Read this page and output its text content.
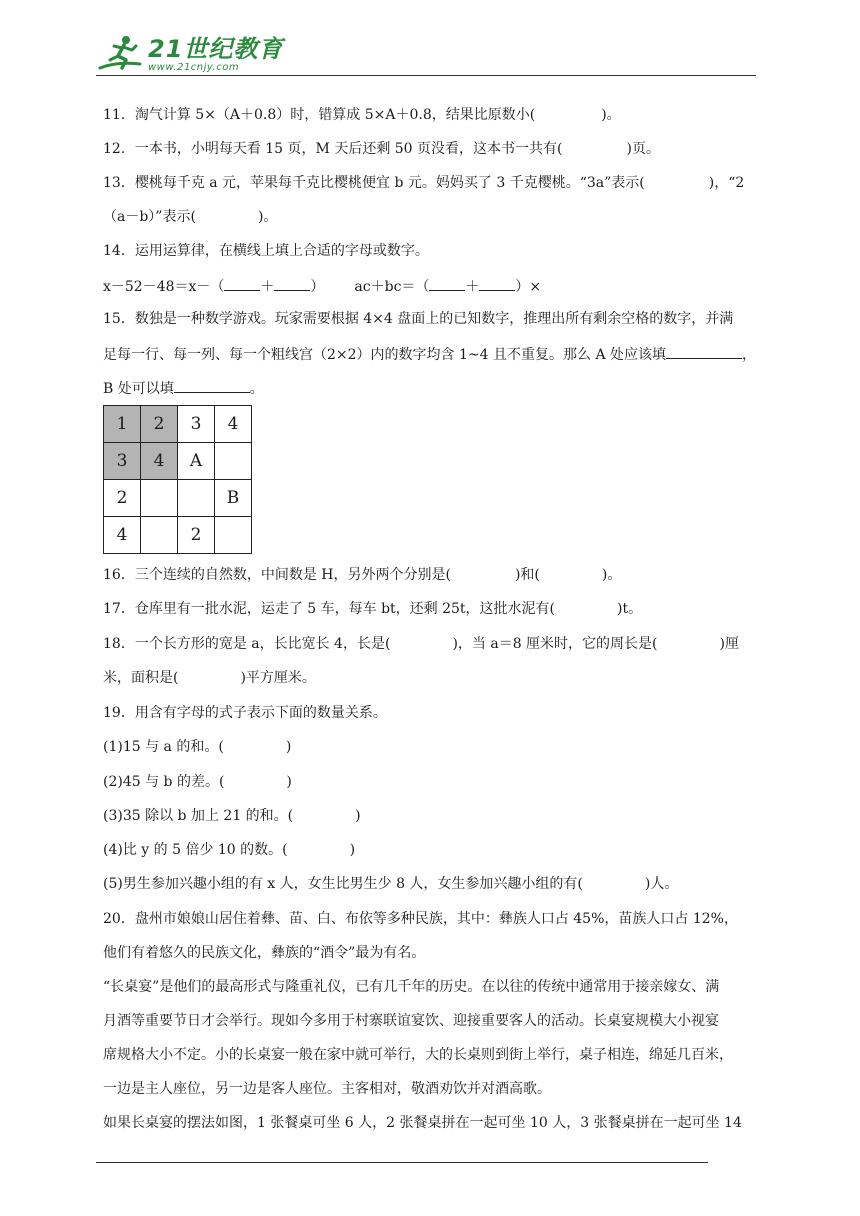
21世纪教育
www.21cnjy.com
11．淘气计算 5×（A＋0.8）时，错算成 5×A＋0.8，结果比原数小(	)。
12．一本书，小明每天看 15 页，M 天后还剩 50 页没看，这本书一共有(	)页。
13．樱桃每千克 a 元，苹果每千克比樱桃便宜 b 元。妈妈买了 3 千克樱桃。“3a”表示(	)，“2
（a－b）”表示(	)。
14．运用运算律，在横线上填上合适的字母或数字。
x－52－48＝x－（	＋	） ac＋bc＝（	＋	）×
15．数独是一种数学游戏。玩家需要根据 4×4 盘面上的已知数字，推理出所有剩余空格的数字，并满
足每一行、每一列、每一个粗线宫（2×2）内的数字均含 1~4 且不重复。那么 A 处应该填	，
B 处可以填	。
16．三个连续的自然数，中间数是 H，另外两个分别是(	)和(	)。
17．仓库里有一批水泥，运走了 5 车，每车 bt，还剩 25t，这批水泥有(	)t。
18．一个长方形的宽是 a，长比宽长 4，长是(	)，当 a＝8 厘米时，它的周长是(	)厘
米，面积是(	)平方厘米。
19．用含有字母的式子表示下面的数量关系。
(1)15 与 a 的和。(	)
(2)45 与 b 的差。(	)
(3)35 除以 b 加上 21 的和。(	)
(4)比 y 的 5 倍少 10 的数。(	)
(5)男生参加兴趣小组的有 x 人，女生比男生少 8 人，女生参加兴趣小组的有(	)人。
20．盘州市娘娘山居住着彝、苗、白、布依等多种民族，其中：彝族人口占 45%，苗族人口占 12%，
他们有着悠久的民族文化，彝族的“酒令”最为有名。
“长桌宴”是他们的最高形式与隆重礼仪，已有几千年的历史。在以往的传统中通常用于接亲嫁女、满
月酒等重要节日才会举行。现如今多用于村寨联谊宴饮、迎接重要客人的活动。长桌宴规模大小视宴
席规格大小不定。小的长桌宴一般在家中就可举行，大的长桌则到街上举行，桌子相连，绵延几百米，
一边是主人座位，另一边是客人座位。主客相对，敬酒劝饮并对酒高歌。
如果长桌宴的摆法如图，1 张餐桌可坐 6 人，2 张餐桌拼在一起可坐 10 人，3 张餐桌拼在一起可坐 14
1	2	3	4
3	4	A	
2			B
4		2	
